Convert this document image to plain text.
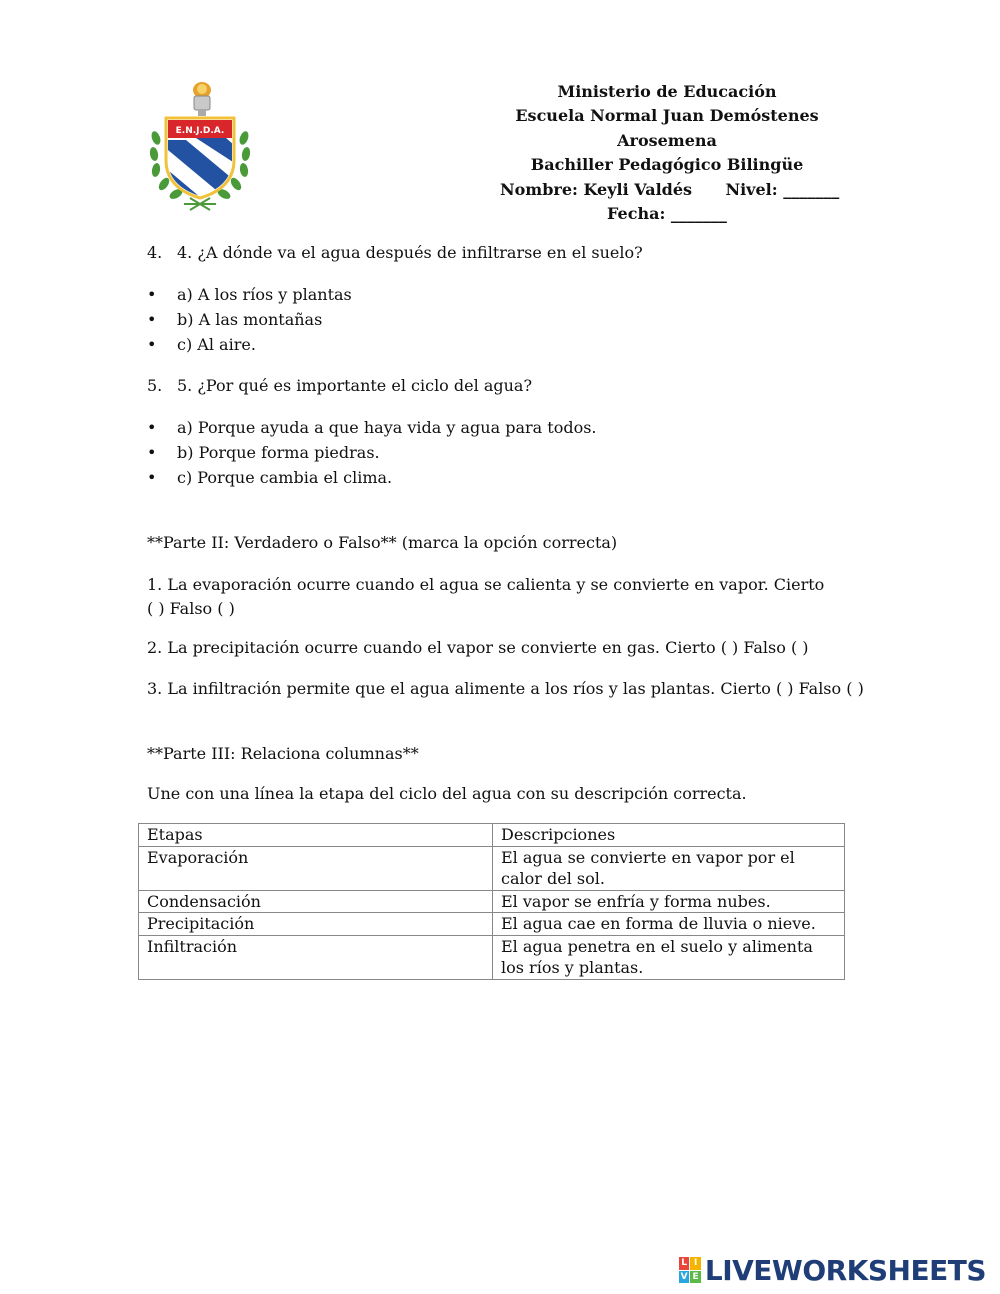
E.N.J.D.A.
Ministerio de Educación
Escuela Normal Juan Demóstenes
Arosemena
Bachiller Pedagógico Bilingüe
Nombre: Keyli Valdés Nivel: _______
Fecha: _______
4. 4. ¿A dónde va el agua después de infiltrarse en el suelo?
• a) A los ríos y plantas
• b) A las montañas
• c) Al aire.
5. 5. ¿Por qué es importante el ciclo del agua?
• a) Porque ayuda a que haya vida y agua para todos.
• b) Porque forma piedras.
• c) Porque cambia el clima.
**Parte II: Verdadero o Falso** (marca la opción correcta)
1. La evaporación ocurre cuando el agua se calienta y se convierte en vapor. Cierto ( ) Falso ( )
2. La precipitación ocurre cuando el vapor se convierte en gas. Cierto ( ) Falso ( )
3. La infiltración permite que el agua alimente a los ríos y las plantas. Cierto ( ) Falso ( )
**Parte III: Relaciona columnas**
Une con una línea la etapa del ciclo del agua con su descripción correcta.
Etapas	Descripciones
Evaporación	El agua se convierte en vapor por el calor del sol.
Condensación	El vapor se enfría y forma nubes.
Precipitación	El agua cae en forma de lluvia o nieve.
Infiltración	El agua penetra en el suelo y alimenta los ríos y plantas.
L I
V E LIVEWORKSHEETS
